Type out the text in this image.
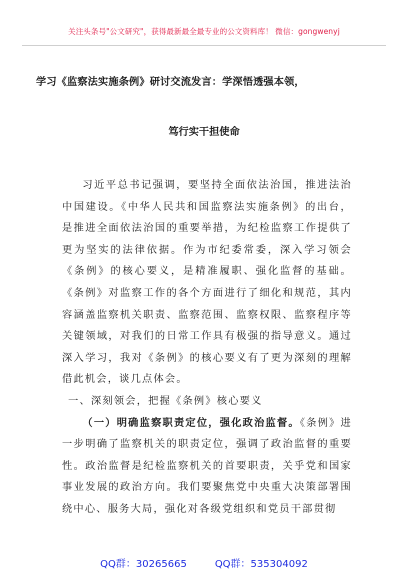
关注头条号"公文研究"，获得最新最全最专业的公文资料库！ 微信：gongwenyj
学习《监察法实施条例》研讨交流发言：学深悟透强本领，
笃行实干担使命

习近平总书记强调，要坚持全面依法治国，推进法治中国建设。《中华人民共和国监察法实施条例》的出台，是推进全面依法治国的重要举措，为纪检监察工作提供了更为坚实的法律依据。作为市纪委常委，深入学习领会《条例》的核心要义，是精准履职、强化监督的基础。《条例》对监察工作的各个方面进行了细化和规范，其内容涵盖监察机关职责、监察范围、监察权限、监察程序等关键领域，对我们的日常工作具有极强的指导意义。通过深入学习，我对《条例》的核心要义有了更为深刻的理解借此机会，谈几点体会。

一、深刻领会，把握《条例》核心要义

（一）明确监察职责定位，强化政治监督。《条例》进一步明确了监察机关的职责定位，强调了政治监督的重要性。政治监督是纪检监察机关的首要职责，关乎党和国家事业发展的政治方向。我们要聚焦党中央重大决策部署围绕中心、服务大局，强化对各级党组织和党员干部贯彻

QQ群：30265665	QQ群：535304092
